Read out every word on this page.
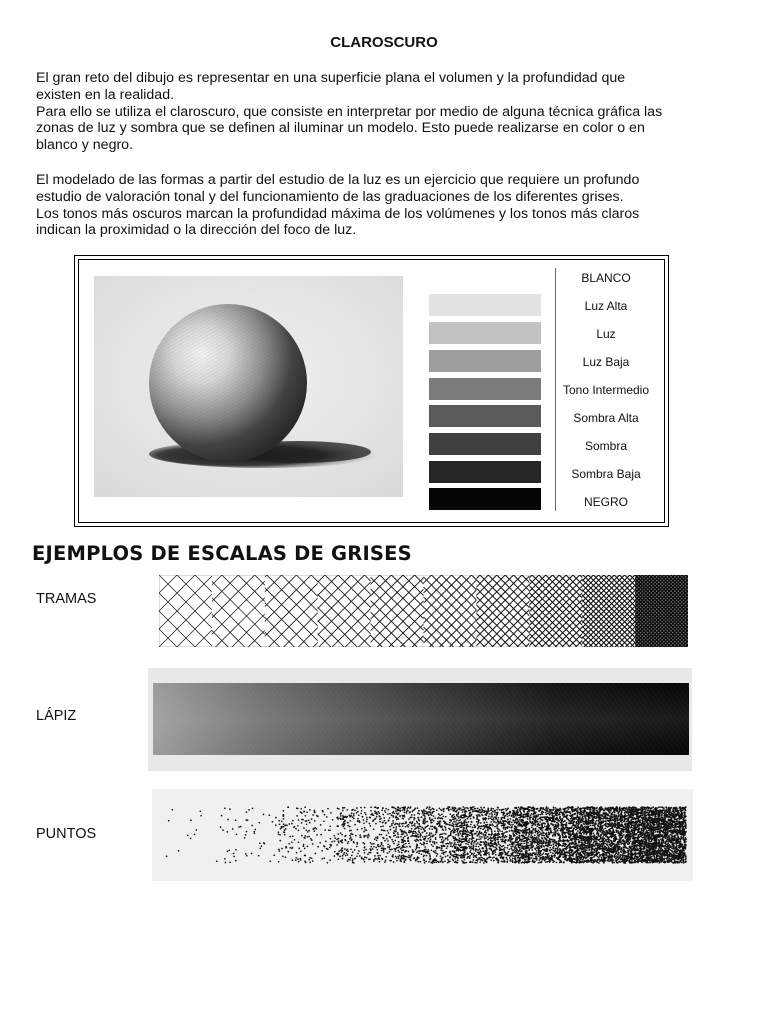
CLAROSCURO
El gran reto del dibujo es representar en una superficie plana el volumen y la profundidad que
existen en la realidad.
Para ello se utiliza el claroscuro, que consiste en interpretar por medio de alguna técnica gráfica las
zonas de luz y sombra que se definen al iluminar un modelo. Esto puede realizarse en color o en
blanco y negro.
El modelado de las formas a partir del estudio de la luz es un ejercicio que requiere un profundo
estudio de valoración tonal y del funcionamiento de las graduaciones de los diferentes grises.
Los tonos más oscuros marcan la profundidad máxima de los volúmenes y los tonos más claros
indican la proximidad o la dirección del foco de luz.
BLANCO
Luz Alta
Luz
Luz Baja
Tono Intermedio
Sombra Alta
Sombra
Sombra Baja
NEGRO
EJEMPLOS DE ESCALAS DE GRISES
TRAMAS
LÁPIZ
PUNTOS
